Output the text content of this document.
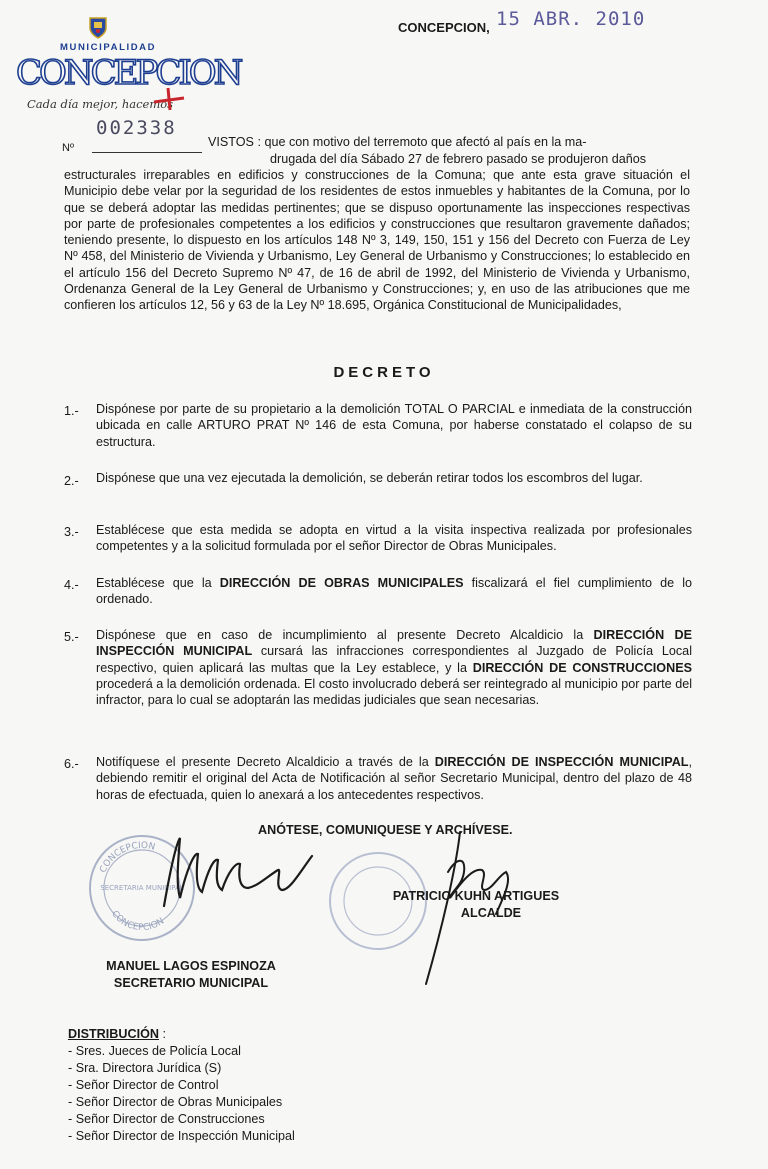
MUNICIPALIDAD
CONCEPCION
Cada día mejor, hacemos
CONCEPCION, 15 ABR. 2010
002338
Nº	VISTOS : que con motivo del terremoto que afectó al país en la ma-
drugada del día Sábado 27 de febrero pasado se produjeron daños
estructurales irreparables en edificios y construcciones de la Comuna; que ante esta grave situación el Municipio debe velar por la seguridad de los residentes de estos inmuebles y habitantes de la Comuna, por lo que se deberá adoptar las medidas pertinentes; que se dispuso oportunamente las inspecciones respectivas por parte de profesionales competentes a los edificios y construcciones que resultaron gravemente dañados; teniendo presente, lo dispuesto en los artículos 148 Nº 3, 149, 150, 151 y 156 del Decreto con Fuerza de Ley Nº 458, del Ministerio de Vivienda y Urbanismo, Ley General de Urbanismo y Construcciones; lo establecido en el artículo 156 del Decreto Supremo Nº 47, de 16 de abril de 1992, del Ministerio de Vivienda y Urbanismo, Ordenanza General de la Ley General de Urbanismo y Construcciones; y, en uso de las atribuciones que me confieren los artículos 12, 56 y 63 de la Ley Nº 18.695, Orgánica Constitucional de Municipalidades,
DECRETO
1.- Dispónese por parte de su propietario a la demolición TOTAL O PARCIAL e inmediata de la construcción ubicada en calle ARTURO PRAT Nº 146 de esta Comuna, por haberse constatado el colapso de su estructura.
2.- Dispónese que una vez ejecutada la demolición, se deberán retirar todos los escombros del lugar.
3.- Establécese que esta medida se adopta en virtud a la visita inspectiva realizada por profesionales competentes y a la solicitud formulada por el señor Director de Obras Municipales.
4.- Establécese que la DIRECCIÓN DE OBRAS MUNICIPALES fiscalizará el fiel cumplimiento de lo ordenado.
5.- Dispónese que en caso de incumplimiento al presente Decreto Alcaldicio la DIRECCIÓN DE INSPECCIÓN MUNICIPAL cursará las infracciones correspondientes al Juzgado de Policía Local respectivo, quien aplicará las multas que la Ley establece, y la DIRECCIÓN DE CONSTRUCCIONES procederá a la demolición ordenada. El costo involucrado deberá ser reintegrado al municipio por parte del infractor, para lo cual se adoptarán las medidas judiciales que sean necesarias.
6.- Notifíquese el presente Decreto Alcaldicio a través de la DIRECCIÓN DE INSPECCIÓN MUNICIPAL, debiendo remitir el original del Acta de Notificación al señor Secretario Municipal, dentro del plazo de 48 horas de efectuada, quien lo anexará a los antecedentes respectivos.
ANÓTESE, COMUNIQUESE Y ARCHÍVESE.
CONCEPCION
SECRETARIA MUNICIPAL
CONCEPCION
PATRICIO KUHN ARTIGUES
ALCALDE
MANUEL LAGOS ESPINOZA
SECRETARIO MUNICIPAL
DISTRIBUCIÓN :
- Sres. Jueces de Policía Local
- Sra. Directora Jurídica (S)
- Señor Director de Control
- Señor Director de Obras Municipales
- Señor Director de Construcciones
- Señor Director de Inspección Municipal
